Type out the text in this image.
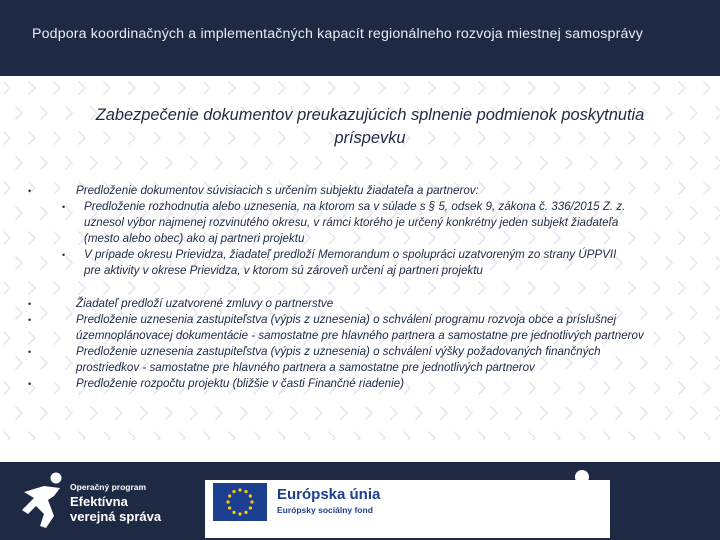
Podpora koordinačných a implementačných kapacít regionálneho rozvoja miestnej samosprávy
Zabezpečenie dokumentov preukazujúcich splnenie podmienok poskytnutia
príspevku
•	Predloženie dokumentov súvisiacich s určením subjektu žiadateľa a partnerov:
• Predloženie rozhodnutia alebo uznesenia, na ktorom sa v súlade s § 5, odsek 9, zákona č. 336/2015 Z. z.
uznesol výbor najmenej rozvinutého okresu, v rámci ktorého je určený konkrétny jeden subjekt žiadateľa
(mesto alebo obec) ako aj partneri projektu
• V prípade okresu Prievidza, žiadateľ predloží Memorandum o spolupráci uzatvoreným zo strany ÚPPVII
pre aktivity v okrese Prievidza, v ktorom sú zároveň určení aj partneri projektu
•	Žiadateľ predloží uzatvorené zmluvy o partnerstve
•	Predloženie uznesenia zastupiteľstva (výpis z uznesenia) o schválení programu rozvoja obce a príslušnej
územnoplánovacej dokumentácie - samostatne pre hlavného partnera a samostatne pre jednotlivých partnerov
•	Predloženie uznesenia zastupiteľstva (výpis z uznesenia) o schválení výšky požadovaných finančných
prostriedkov - samostatne pre hlavného partnera a samostatne pre jednotlivých partnerov
•	Predloženie rozpočtu projektu (bližšie v časti Finančné riadenie)
Operačný program
Efektívna
verejná správa
Európska únia
Európsky sociálny fond	8
